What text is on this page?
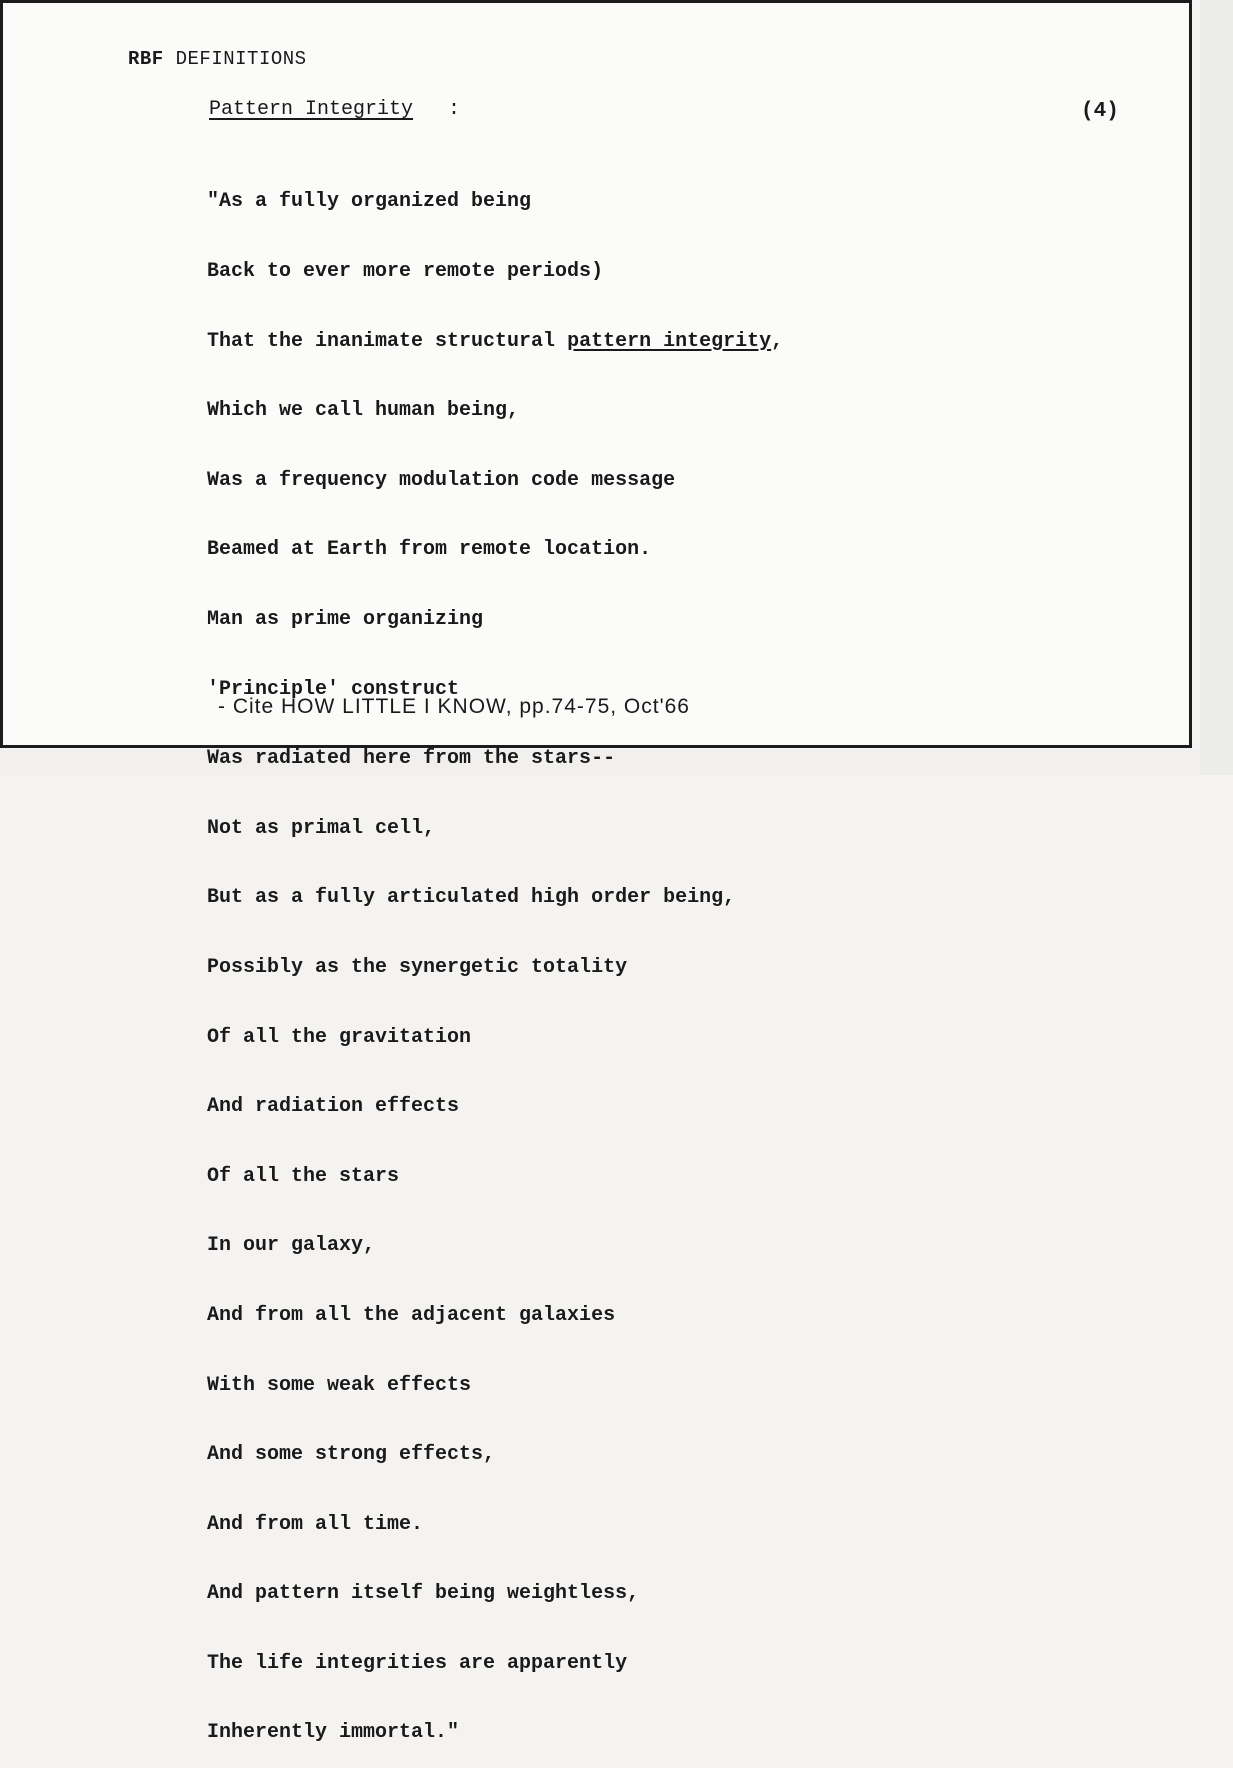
RBF DEFINITIONS
Pattern Integrity :	(4)

"As a fully organized being

Back to ever more remote periods)

That the inanimate structural pattern integrity,

Which we call human being,

Was a frequency modulation code message

Beamed at Earth from remote location.

Man as prime organizing

'Principle' construct

Was radiated here from the stars--

Not as primal cell,

But as a fully articulated high order being,

Possibly as the synergetic totality

Of all the gravitation

And radiation effects

Of all the stars

In our galaxy,

And from all the adjacent galaxies

With some weak effects

And some strong effects,

And from all time.

And pattern itself being weightless,

The life integrities are apparently

Inherently immortal."

- Cite HOW LITTLE I KNOW, pp.74-75, Oct'66
